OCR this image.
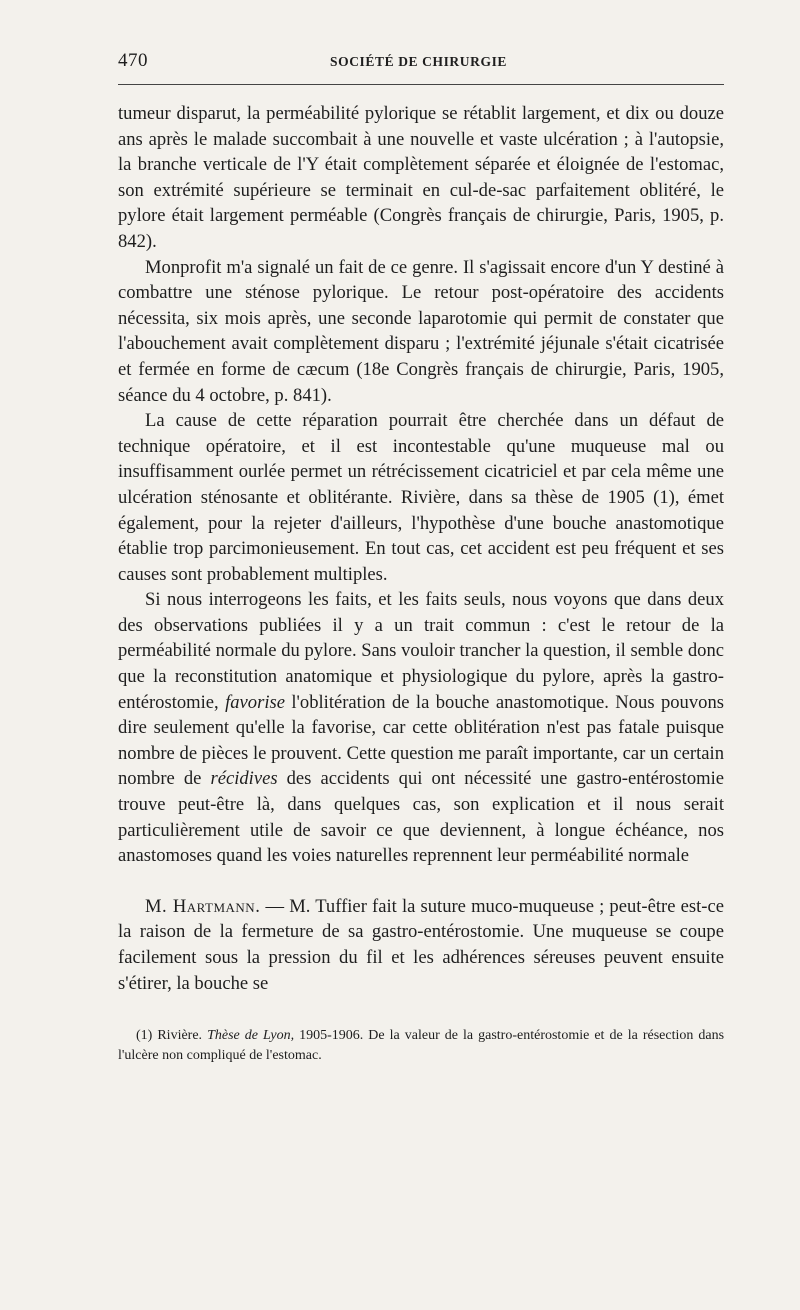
470	SOCIÉTÉ DE CHIRURGIE

tumeur disparut, la perméabilité pylorique se rétablit largement, et dix ou douze ans après le malade succombait à une nouvelle et vaste ulcération ; à l'autopsie, la branche verticale de l'Y était complètement séparée et éloignée de l'estomac, son extrémité supérieure se terminait en cul-de-sac parfaitement oblitéré, le pylore était largement perméable (Congrès français de chirurgie, Paris, 1905, p. 842).

Monprofit m'a signalé un fait de ce genre. Il s'agissait encore d'un Y destiné à combattre une sténose pylorique. Le retour post-opératoire des accidents nécessita, six mois après, une seconde laparotomie qui permit de constater que l'abouchement avait complètement disparu ; l'extrémité jéjunale s'était cicatrisée et fermée en forme de cæcum (18e Congrès français de chirurgie, Paris, 1905, séance du 4 octobre, p. 841).

La cause de cette réparation pourrait être cherchée dans un défaut de technique opératoire, et il est incontestable qu'une muqueuse mal ou insuffisamment ourlée permet un rétrécissement cicatriciel et par cela même une ulcération sténosante et oblitérante. Rivière, dans sa thèse de 1905 (1), émet également, pour la rejeter d'ailleurs, l'hypothèse d'une bouche anastomotique établie trop parcimonieusement. En tout cas, cet accident est peu fréquent et ses causes sont probablement multiples.

Si nous interrogeons les faits, et les faits seuls, nous voyons que dans deux des observations publiées il y a un trait commun : c'est le retour de la perméabilité normale du pylore. Sans vouloir trancher la question, il semble donc que la reconstitution anatomique et physiologique du pylore, après la gastro-entérostomie, favorise l'oblitération de la bouche anastomotique. Nous pouvons dire seulement qu'elle la favorise, car cette oblitération n'est pas fatale puisque nombre de pièces le prouvent. Cette question me paraît importante, car un certain nombre de récidives des accidents qui ont nécessité une gastro-entérostomie trouve peut-être là, dans quelques cas, son explication et il nous serait particulièrement utile de savoir ce que deviennent, à longue échéance, nos anastomoses quand les voies naturelles reprennent leur perméabilité normale

M. Hartmann. — M. Tuffier fait la suture muco-muqueuse ; peut-être est-ce la raison de la fermeture de sa gastro-entérostomie. Une muqueuse se coupe facilement sous la pression du fil et les adhérences séreuses peuvent ensuite s'étirer, la bouche se

(1) Rivière. Thèse de Lyon, 1905-1906. De la valeur de la gastro-entérostomie et de la résection dans l'ulcère non compliqué de l'estomac.
